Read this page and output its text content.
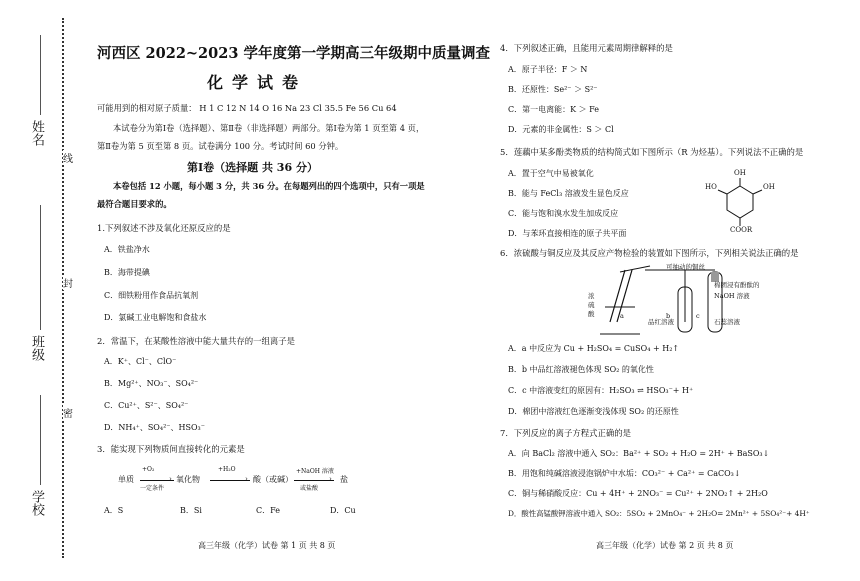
姓名
班级
学校
线
封
密
河西区 2022~2023 学年度第一学期高三年级期中质量调查
化学试卷
可能用到的相对原子质量： H 1 C 12 N 14 O 16 Na 23 Cl 35.5 Fe 56 Cu 64
本试卷分为第Ⅰ卷（选择题）、第Ⅱ卷（非选择题）两部分。第Ⅰ卷为第 1 页至第 4 页，
第Ⅱ卷为第 5 页至第 8 页。试卷满分 100 分。考试时间 60 分钟。
第Ⅰ卷（选择题 共 36 分）
本卷包括 12 小题，每小题 3 分，共 36 分。在每题列出的四个选项中，只有一项是
最符合题目要求的。
1.下列叙述不涉及氧化还原反应的是
A．铁盐净水
B．海带提碘
C．细铁粉用作食品抗氧剂
D．氯碱工业电解饱和食盐水
2．常温下，在某酸性溶液中能大量共存的一组离子是
A．K⁺、Cl⁻、ClO⁻
B．Mg²⁺、NO₃⁻、SO₄²⁻
C．Cu²⁺、S²⁻、SO₄²⁻
D．NH₄⁺、SO₄²⁻、HSO₃⁻
3．能实现下列物质间直接转化的元素是
单质
+O₂
›
一定条件
氧化物
+H₂O
› 酸（或碱）
+NaOH 溶液
›
或盐酸
盐
A．S	B．Si	C．Fe	D．Cu
高三年级（化学）试卷 第 1 页 共 8 页
4．下列叙述正确，且能用元素周期律解释的是
A．原子半径：F ＞ N
B．还原性：Se²⁻ ＞ S²⁻
C．第一电离能：K ＞ Fe
D．元素的非金属性：S ＞ Cl
5．莲藕中某多酚类物质的结构简式如下图所示（R 为烃基）。下列说法不正确的是
A．置于空气中易被氧化
B．能与 FeCl₃ 溶液发生显色反应
C．能与饱和溴水发生加成反应
D．与苯环直接相连的原子共平面
OH
HO	OH
COOR
6．浓硫酸与铜反应及其反应产物检验的装置如下图所示，下列相关说法正确的是
可抽动的铜丝
棉团浸有酚酞的
NaOH 溶液
浓硫酸	a	b	c
品红溶液	石蕊溶液
A．a 中反应为 Cu + H₂SO₄ = CuSO₄ + H₂↑
B．b 中品红溶液褪色体现 SO₂ 的氧化性
C．c 中溶液变红的原因有：H₂SO₃ ⇌ HSO₃⁻+ H⁺
D．棉团中溶液红色逐渐变浅体现 SO₂ 的还原性
7．下列反应的离子方程式正确的是
A．向 BaCl₂ 溶液中通入 SO₂：Ba²⁺ + SO₂ + H₂O = 2H⁺ + BaSO₃↓
B．用饱和纯碱溶液浸泡锅炉中水垢：CO₃²⁻ + Ca²⁺ = CaCO₃↓
C．铜与稀硝酸反应：Cu + 4H⁺ + 2NO₃⁻ = Cu²⁺ + 2NO₂↑ + 2H₂O
D．酸性高锰酸钾溶液中通入 SO₂：5SO₂ + 2MnO₄⁻ + 2H₂O= 2Mn²⁺ + 5SO₄²⁻+ 4H⁺
高三年级（化学）试卷 第 2 页 共 8 页
